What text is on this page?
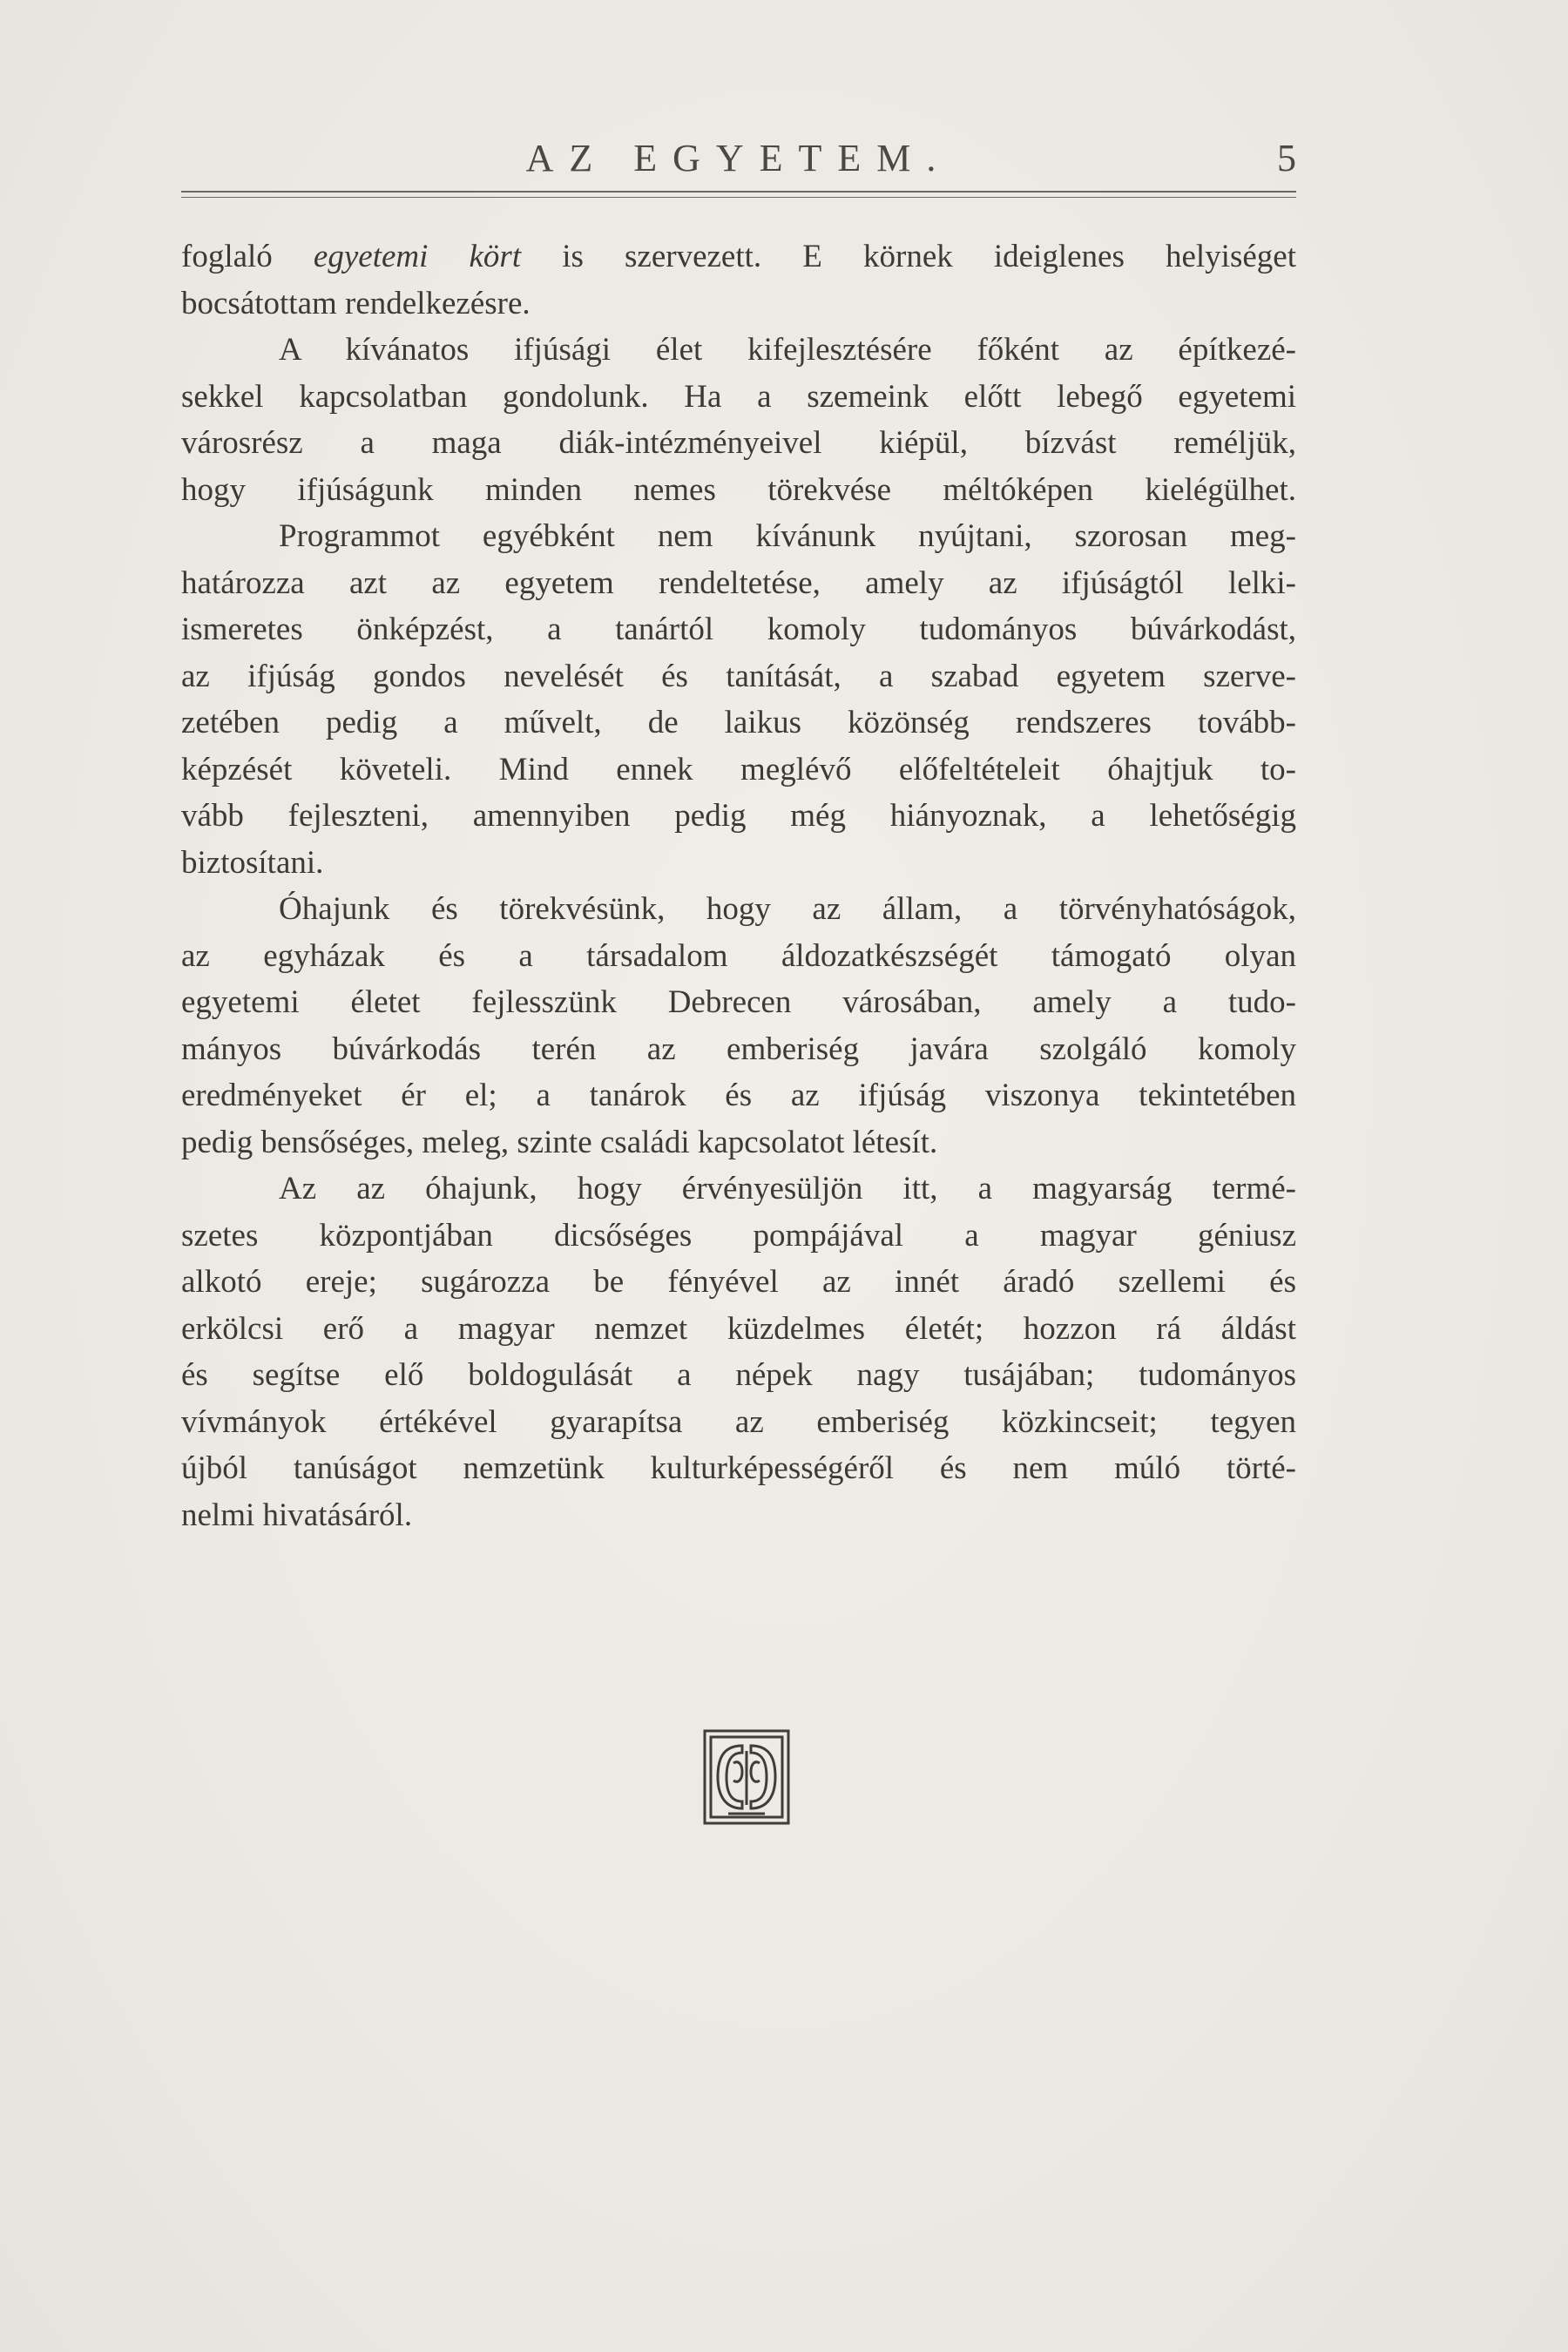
AZ EGYETEM.	5
foglaló egyetemi kört is szervezett. E körnek ideiglenes helyiséget
bocsátottam rendelkezésre.
A kívánatos ifjúsági élet kifejlesztésére főként az építkezé-
sekkel kapcsolatban gondolunk. Ha a szemeink előtt lebegő egyetemi
városrész a maga diák-intézményeivel kiépül, bízvást reméljük,
hogy ifjúságunk minden nemes törekvése méltóképen kielégülhet.
Programmot egyébként nem kívánunk nyújtani, szorosan meg-
határozza azt az egyetem rendeltetése, amely az ifjúságtól lelki-
ismeretes önképzést, a tanártól komoly tudományos búvárkodást,
az ifjúság gondos nevelését és tanítását, a szabad egyetem szerve-
zetében pedig a művelt, de laikus közönség rendszeres tovább-
képzését követeli. Mind ennek meglévő előfeltételeit óhajtjuk to-
vább fejleszteni, amennyiben pedig még hiányoznak, a lehetőségig
biztosítani.
Óhajunk és törekvésünk, hogy az állam, a törvényhatóságok,
az egyházak és a társadalom áldozatkészségét támogató olyan
egyetemi életet fejlesszünk Debrecen városában, amely a tudo-
mányos búvárkodás terén az emberiség javára szolgáló komoly
eredményeket ér el; a tanárok és az ifjúság viszonya tekintetében
pedig bensőséges, meleg, szinte családi kapcsolatot létesít.
Az az óhajunk, hogy érvényesüljön itt, a magyarság termé-
szetes központjában dicsőséges pompájával a magyar géniusz
alkotó ereje; sugározza be fényével az innét áradó szellemi és
erkölcsi erő a magyar nemzet küzdelmes életét; hozzon rá áldást
és segítse elő boldogulását a népek nagy tusájában; tudományos
vívmányok értékével gyarapítsa az emberiség közkincseit; tegyen
újból tanúságot nemzetünk kulturképességéről és nem múló törté-
nelmi hivatásáról.
